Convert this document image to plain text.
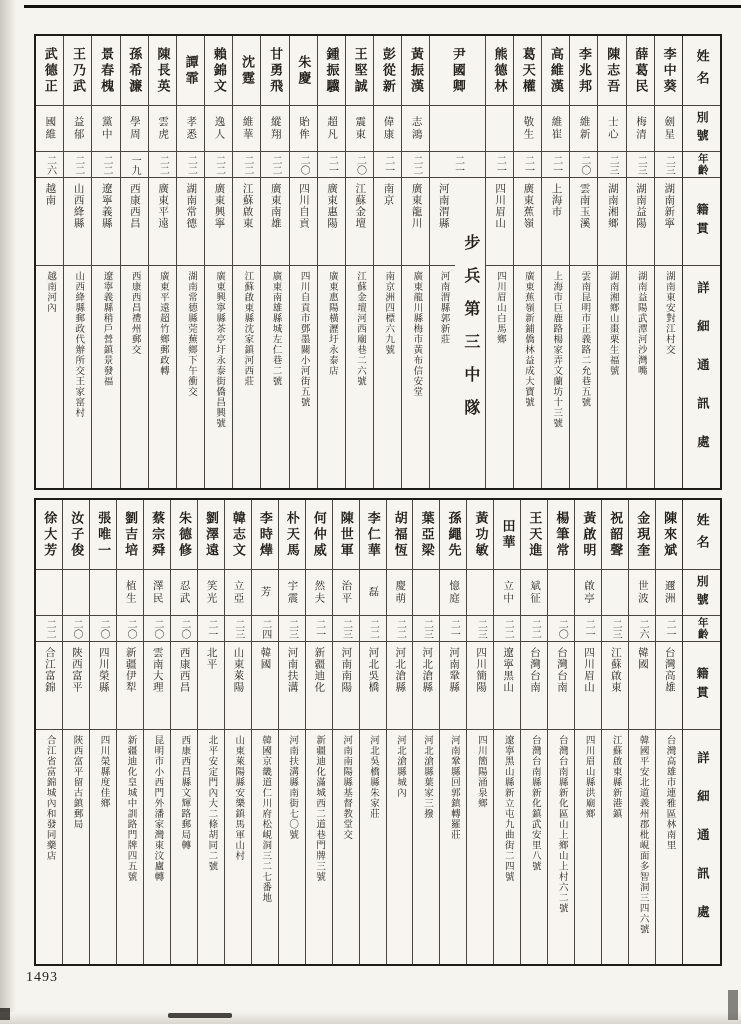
姓名
別號
年齡
籍貫
詳細通訊處
李中葵
劍星
二三
湖南新寧
湖南東安對江村交
薛葛民
梅清
二三
湖南益陽
湖南益陽武潭河沙灣嘴
陳志吾
士心
二三
湖南湘鄉
湖南湘鄉山棗栗生福號
李兆邦
維新
二〇
雲南玉溪
雲南昆明市正義路二允巷五號
高維漢
維崔
二一
上海市
上海市巨鹿路楊家弄文蘭坊十三號
葛天權
敬生
二一
廣東蕉嶺
廣東蕉嶺新鋪僑林益成大寶號
熊德林
二一
四川眉山
四川眉山白馬鄉
尹國卿
二一
河南渭縣
河南渭縣郭新莊 步兵第三中隊
黃振漢
志鴻
二二
廣東龍川
廣東龍川縣梅市黃布信安堂
彭從新
偉康
二一
南京
南京洲四標六九號
王堅誠
震東
二〇
江蘇金壇
江蘇金壇河西廟巷二六號
鍾振驥
超凡
二一
廣東惠陽
廣東惠陽橫瀝圩永泰店
朱慶
貽侔
二〇
四川自貢
四川自貢市鄧墨關小河街五號
甘勇飛
縱翔
二二
廣東南雄
廣東南雄縣城左仁巷二號
沈霆
維華
二二
江蘇啟東
江蘇啟東縣沈家鎮河西莊
賴錦文
逸人
二二
廣東興寧
廣東興寧縣茶亭圩永泰街僑昌興號
譚霏
孝悉
二二
湖南常德
湖南常德縣莞蕪鄉下午衝交
陳長英
雲虎
二二
廣東平遠
廣東平遠超竹鄉郵政轉
孫希濂
學周
一九
西康西昌
西康西昌禮州郵交
景春槐
黨中
二二
遼寧義縣
遼寧義縣稍戶營鎮景發福
王乃武
益郁
二二
山西絳縣
山西絳縣郵政代辦所交王家窰村
武德正
國維
二六
越南
越南河內
姓名
別號
年齡
籍貫
詳細通訊處
陳來斌
邇洲
二一
台灣高雄
台灣高雄市連雅區林南里
金現奎
世波
二六
韓國
韓國平安北道義州郡枇峴面多智洞三四六號
祝韶聲
二三
江蘇啟東
江蘇啟東縣新港鎮
黃啟明
啟亭
二一
四川眉山
四川眉山縣洪廟鄉
楊筆常
二〇
台灣台南
台灣台南縣新化區山上鄉山上村六二號
王天進
斌征
二二
台灣台南
台灣台南縣新化鎮武安里八號
田華
立中
二二
遼寧黑山
遼寧黑山縣新立屯九曲街二四號
黃功敏
二三
四川簡陽
四川簡陽涌泉鄉
孫繩先
憶庭
二一
河南鞏縣
河南鞏縣回郭鎮轉羅莊
葉亞梁
二三
河北滄縣
河北滄縣葉家三撥
胡福恆
慶萌
二二
河北滄縣
河北滄縣城內
李仁華
磊
二二
河北吳橋
河北吳橋縣朱家莊
陳世軍
治平
二三
河南南陽
河南南陽縣基督教堂交
何仲威
然夫
二一
新疆迪化
新疆迪化滿城西二道巷門牌三號
朴天馬
宇震
二三
河南扶溝
河南扶溝縣南街七〇號
李時燁
芳
二四
韓國
韓國京畿道仁川府松峴洞三二七番地
韓志文
立亞
二三
山東萊陽
山東萊陽縣安樂鎮馬軍山村
劉澤遠
笑光
二一
北平
北平安定門內大二條胡同二號
朱德修
忍武
二〇
西康西昌
西康西昌縣文輝路郵局轉
蔡宗舜
澤民
二〇
雲南大理
昆明市小西門外潘家灣東汶廬轉
劉吉培
植生
二〇
新疆伊犁
新疆迪化皇城中訓路門牌四五號
張唯一
二〇
四川榮縣
四川榮縣度佳鄉
汝子俊
二〇
陝西富平
陝西富平留古鎮郵局
徐大芳
二二
合江富錦
合江省富錦城內和發同藥店
1493
